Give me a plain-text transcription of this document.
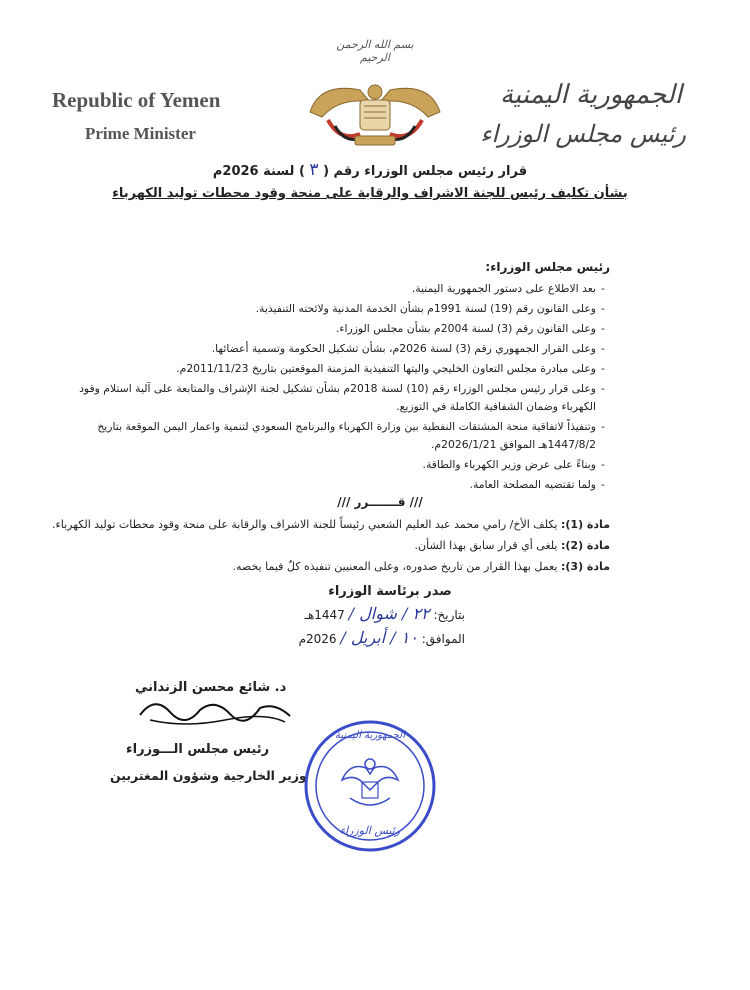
بسم الله الرحمن الرحيم
Republic of Yemen
Prime Minister
الجمهورية اليمنية
رئيس مجلس الوزراء
قرار رئيس مجلس الوزراء رقم ( ٣ ) لسنة 2026م
بشأن تكليف رئيس للجنة الاشراف والرقابة على منحة وقود محطات توليد الكهرباء
رئيس مجلس الوزراء:
-بعد الاطلاع على دستور الجمهورية اليمنية.
-وعلى القانون رقم (19) لسنة 1991م بشأن الخدمة المدنية ولائحته التنفيذية.
-وعلى القانون رقم (3) لسنة 2004م بشأن مجلس الوزراء.
-وعلى القرار الجمهوري رقم (3) لسنة 2026م، بشأن تشكيل الحكومة وتسمية أعضائها.
-وعلى مبادرة مجلس التعاون الخليجي واليتها التنفيذية المزمنة الموقعتين بتاريخ 2011/11/23م.
-وعلى قرار رئيس مجلس الوزراء رقم (10) لسنة 2018م بشأن تشكيل لجنة الإشراف والمتابعة على آلية استلام وقود
الكهرباء وضمان الشفافية الكاملة في التوزيع.
-وتنفيذاً لاتفاقية منحة المشتقات النفطية بين وزارة الكهرباء والبرنامج السعودي لتنمية واعمار اليمن الموقعة بتاريخ
1447/8/2هـ الموافق 2026/1/21م.
-وبناءً على عرض وزير الكهرباء والطاقة.
-ولما تقتضيه المصلحة العامة.
/// قـــــــرر ///
مادة (1): يكلف الأخ/ رامي محمد عبد العليم الشعبي رئيساً للجنة الاشراف والرقابة على منحة وقود محطات توليد الكهرباء.
مادة (2): يلغى أي قرار سابق بهذا الشأن.
مادة (3): يعمل بهذا القرار من تاريخ صدوره، وعلى المعنيين تنفيذه كلٌ فيما يخصه.
صدر برئاسة الوزراء
بتاريخ: ٢٢ / شوال / 1447هـ
الموافق: ١٠ / أبريل / 2026م
د. شائع محسن الزنداني
رئيس مجلس الـــوزراء
وزير الخارجية وشؤون المغتربين
الجمهورية اليمنية
رئيس الوزراء
